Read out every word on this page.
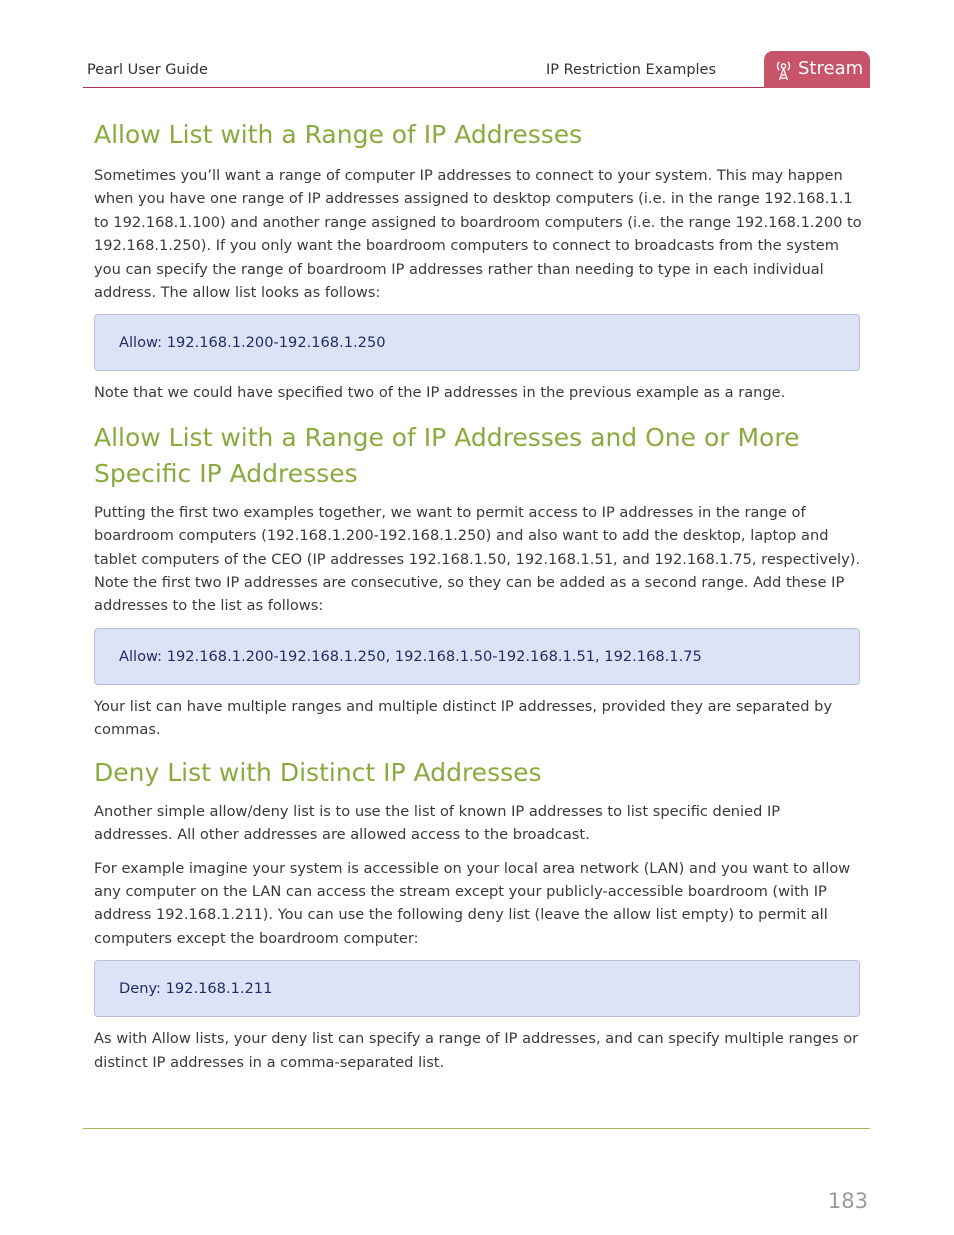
Pearl User Guide	IP Restriction Examples	Stream
Allow List with a Range of IP Addresses

Sometimes you’ll want a range of computer IP addresses to connect to your system. This may happen when you have one range of IP addresses assigned to desktop computers (i.e. in the range 192.168.1.1 to 192.168.1.100) and another range assigned to boardroom computers (i.e. the range 192.168.1.200 to 192.168.1.250). If you only want the boardroom computers to connect to broadcasts from the system you can specify the range of boardroom IP addresses rather than needing to type in each individual address. The allow list looks as follows:

Allow: 192.168.1.200-192.168.1.250

Note that we could have specified two of the IP addresses in the previous example as a range.

Allow List with a Range of IP Addresses and One or More Specific IP Addresses

Putting the first two examples together, we want to permit access to IP addresses in the range of boardroom computers (192.168.1.200-192.168.1.250) and also want to add the desktop, laptop and tablet computers of the CEO (IP addresses 192.168.1.50, 192.168.1.51, and 192.168.1.75, respectively). Note the first two IP addresses are consecutive, so they can be added as a second range. Add these IP addresses to the list as follows:

Allow: 192.168.1.200-192.168.1.250, 192.168.1.50-192.168.1.51, 192.168.1.75

Your list can have multiple ranges and multiple distinct IP addresses, provided they are separated by commas.

Deny List with Distinct IP Addresses

Another simple allow/deny list is to use the list of known IP addresses to list specific denied IP addresses. All other addresses are allowed access to the broadcast.

For example imagine your system is accessible on your local area network (LAN) and you want to allow any computer on the LAN can access the stream except your publicly-accessible boardroom (with IP address 192.168.1.211). You can use the following deny list (leave the allow list empty) to permit all computers except the boardroom computer:

Deny: 192.168.1.211

As with Allow lists, your deny list can specify a range of IP addresses, and can specify multiple ranges or distinct IP addresses in a comma-separated list.

183
